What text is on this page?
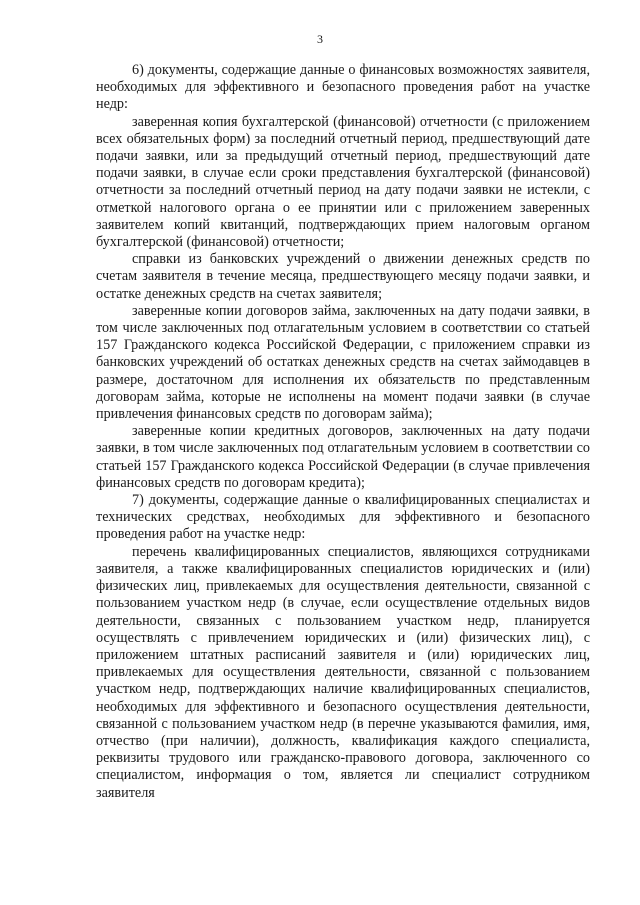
3

6) документы, содержащие данные о финансовых возможностях заявителя, необходимых для эффективного и безопасного проведения работ на участке недр:

заверенная копия бухгалтерской (финансовой) отчетности (с приложением всех обязательных форм) за последний отчетный период, предшествующий дате подачи заявки, или за предыдущий отчетный период, предшествующий дате подачи заявки, в случае если сроки представления бухгалтерской (финансовой) отчетности за последний отчетный период на дату подачи заявки не истекли, с отметкой налогового органа о ее принятии или с приложением заверенных заявителем копий квитанций, подтверждающих прием налоговым органом бухгалтерской (финансовой) отчетности;

справки из банковских учреждений о движении денежных средств по счетам заявителя в течение месяца, предшествующего месяцу подачи заявки, и остатке денежных средств на счетах заявителя;

заверенные копии договоров займа, заключенных на дату подачи заявки, в том числе заключенных под отлагательным условием в соответствии со статьей 157 Гражданского кодекса Российской Федерации, с приложением справки из банковских учреждений об остатках денежных средств на счетах займодавцев в размере, достаточном для исполнения их обязательств по представленным договорам займа, которые не исполнены на момент подачи заявки (в случае привлечения финансовых средств по договорам займа);

заверенные копии кредитных договоров, заключенных на дату подачи заявки, в том числе заключенных под отлагательным условием в соответствии со статьей 157 Гражданского кодекса Российской Федерации (в случае привлечения финансовых средств по договорам кредита);

7) документы, содержащие данные о квалифицированных специалистах и технических средствах, необходимых для эффективного и безопасного проведения работ на участке недр:

перечень квалифицированных специалистов, являющихся сотрудниками заявителя, а также квалифицированных специалистов юридических и (или) физических лиц, привлекаемых для осуществления деятельности, связанной с пользованием участком недр (в случае, если осуществление отдельных видов деятельности, связанных с пользованием участком недр, планируется осуществлять с привлечением юридических и (или) физических лиц), с приложением штатных расписаний заявителя и (или) юридических лиц, привлекаемых для осуществления деятельности, связанной с пользованием участком недр, подтверждающих наличие квалифицированных специалистов, необходимых для эффективного и безопасного осуществления деятельности, связанной с пользованием участком недр (в перечне указываются фамилия, имя, отчество (при наличии), должность, квалификация каждого специалиста, реквизиты трудового или гражданско-правового договора, заключенного со специалистом, информация о том, является ли специалист сотрудником заявителя
